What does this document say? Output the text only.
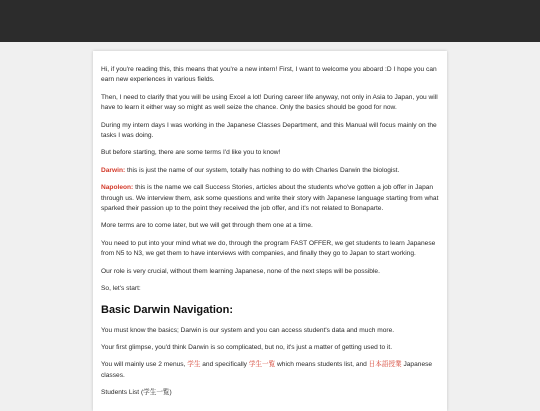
Hi, if you're reading this, this means that you're a new intern! First, I want to welcome you aboard :D I hope you can earn new experiences in various fields.

Then, I need to clarify that you will be using Excel a lot! During career life anyway, not only in Asia to Japan, you will have to learn it either way so might as well seize the chance. Only the basics should be good for now.

During my intern days I was working in the Japanese Classes Department, and this Manual will focus mainly on the tasks I was doing.

But before starting, there are some terms I'd like you to know!

Darwin: this is just the name of our system, totally has nothing to do with Charles Darwin the biologist.

Napoleon: this is the name we call Success Stories, articles about the students who've gotten a job offer in Japan through us. We interview them, ask some questions and write their story with Japanese language starting from what sparked their passion up to the point they received the job offer, and it's not related to Bonaparte.

More terms are to come later, but we will get through them one at a time.

You need to put into your mind what we do, through the program FAST OFFER, we get students to learn Japanese from N5 to N3, we get them to have interviews with companies, and finally they go to Japan to start working.

Our role is very crucial, without them learning Japanese, none of the next steps will be possible.

So, let's start:

Basic Darwin Navigation:

You must know the basics; Darwin is our system and you can access student's data and much more.

Your first glimpse, you'd think Darwin is so complicated, but no, it's just a matter of getting used to it.

You will mainly use 2 menus, 学生 and specifically 学生一覧 which means students list, and 日本語授業 Japanese classes.

Students List (学生一覧)
